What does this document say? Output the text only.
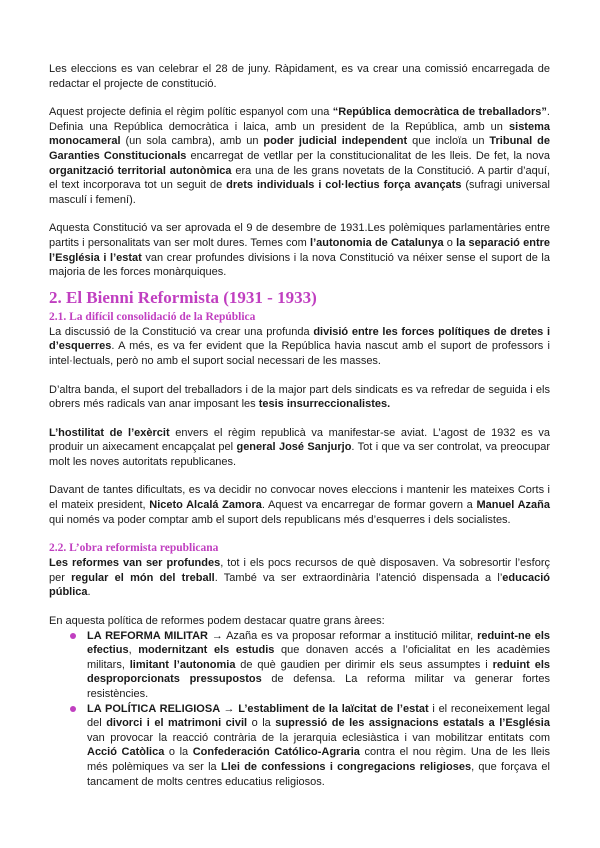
Les eleccions es van celebrar el 28 de juny. Ràpidament, es va crear una comissió encarregada de redactar el projecte de constitució.

Aquest projecte definia el règim polític espanyol com una “República democràtica de treballadors”. Definia una República democràtica i laica, amb un president de la República, amb un sistema monocameral (un sola cambra), amb un poder judicial independent que incloïa un Tribunal de Garanties Constitucionals encarregat de vetllar per la constitucionalitat de les lleis. De fet, la nova organització territorial autonòmica era una de les grans novetats de la Constitució. A partir d’aquí, el text incorporava tot un seguit de drets individuals i col·lectius força avançats (sufragi universal masculí i femení).

Aquesta Constitució va ser aprovada el 9 de desembre de 1931.Les polèmiques parlamentàries entre partits i personalitats van ser molt dures. Temes com l’autonomia de Catalunya o la separació entre l’Església i l’estat van crear profundes divisions i la nova Constitució va néixer sense el suport de la majoria de les forces monàrquiques.

2. El Bienni Reformista (1931 - 1933)
2.1. La difícil consolidació de la República

La discussió de la Constitució va crear una profunda divisió entre les forces polítiques de dretes i d’esquerres. A més, es va fer evident que la República havia nascut amb el suport de professors i intel·lectuals, però no amb el suport social necessari de les masses.

D’altra banda, el suport del treballadors i de la major part dels sindicats es va refredar de seguida i els obrers més radicals van anar imposant les tesis insurreccionalistes.

L’hostilitat de l’exèrcit envers el règim republicà va manifestar-se aviat. L’agost de 1932 es va produir un aixecament encapçalat pel general José Sanjurjo. Tot i que va ser controlat, va preocupar molt les noves autoritats republicanes.

Davant de tantes dificultats, es va decidir no convocar noves eleccions i mantenir les mateixes Corts i el mateix president, Niceto Alcalá Zamora. Aquest va encarregar de formar govern a Manuel Azaña qui només va poder comptar amb el suport dels republicans més d’esquerres i dels socialistes.

2.2. L’obra reformista republicana

Les reformes van ser profundes, tot i els pocs recursos de què disposaven. Va sobresortir l’esforç per regular el món del treball. També va ser extraordinària l’atenció dispensada a l’educació pública.

En aquesta política de reformes podem destacar quatre grans àrees:

LA REFORMA MILITAR → Azaña es va proposar reformar a institució militar, reduint-ne els efectius, modernitzant els estudis que donaven accés a l’oficialitat en les acadèmies militars, limitant l’autonomia de què gaudien per dirimir els seus assumptes i reduint els desproporcionats pressupostos de defensa. La reforma militar va generar fortes resistències.

LA POLÍTICA RELIGIOSA → L’establiment de la laïcitat de l’estat i el reconeixement legal del divorci i el matrimoni civil o la supressió de les assignacions estatals a l’Església van provocar la reacció contrària de la jerarquia eclesiàstica i van mobilitzar entitats com Acció Catòlica o la Confederación Católico-Agraria contra el nou règim. Una de les lleis més polèmiques va ser la Llei de confessions i congregacions religioses, que forçava el tancament de molts centres educatius religiosos.
